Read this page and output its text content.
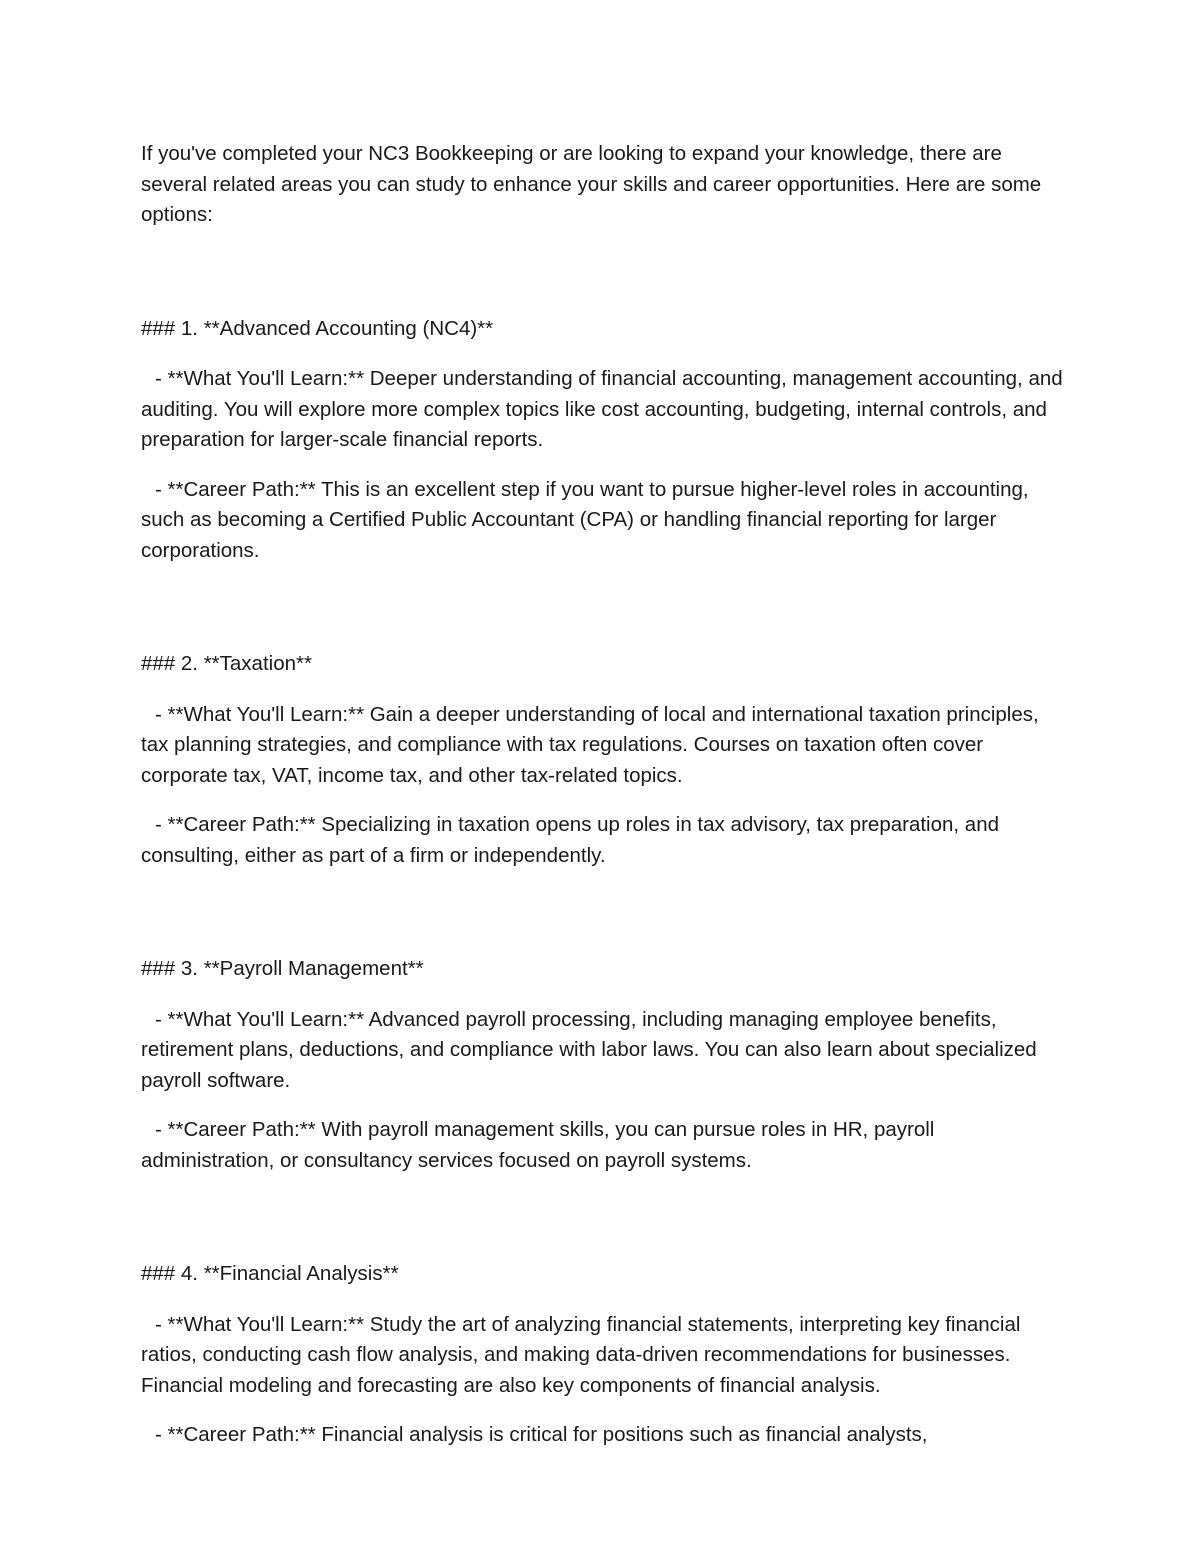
If you've completed your NC3 Bookkeeping or are looking to expand your knowledge, there are several related areas you can study to enhance your skills and career opportunities. Here are some options:

### 1. **Advanced Accounting (NC4)**

- **What You'll Learn:** Deeper understanding of financial accounting, management accounting, and auditing. You will explore more complex topics like cost accounting, budgeting, internal controls, and preparation for larger-scale financial reports.

- **Career Path:** This is an excellent step if you want to pursue higher-level roles in accounting, such as becoming a Certified Public Accountant (CPA) or handling financial reporting for larger corporations.

### 2. **Taxation**

- **What You'll Learn:** Gain a deeper understanding of local and international taxation principles, tax planning strategies, and compliance with tax regulations. Courses on taxation often cover corporate tax, VAT, income tax, and other tax-related topics.

- **Career Path:** Specializing in taxation opens up roles in tax advisory, tax preparation, and consulting, either as part of a firm or independently.

### 3. **Payroll Management**

- **What You'll Learn:** Advanced payroll processing, including managing employee benefits, retirement plans, deductions, and compliance with labor laws. You can also learn about specialized payroll software.

- **Career Path:** With payroll management skills, you can pursue roles in HR, payroll administration, or consultancy services focused on payroll systems.

### 4. **Financial Analysis**

- **What You'll Learn:** Study the art of analyzing financial statements, interpreting key financial ratios, conducting cash flow analysis, and making data-driven recommendations for businesses. Financial modeling and forecasting are also key components of financial analysis.

- **Career Path:** Financial analysis is critical for positions such as financial analysts,
